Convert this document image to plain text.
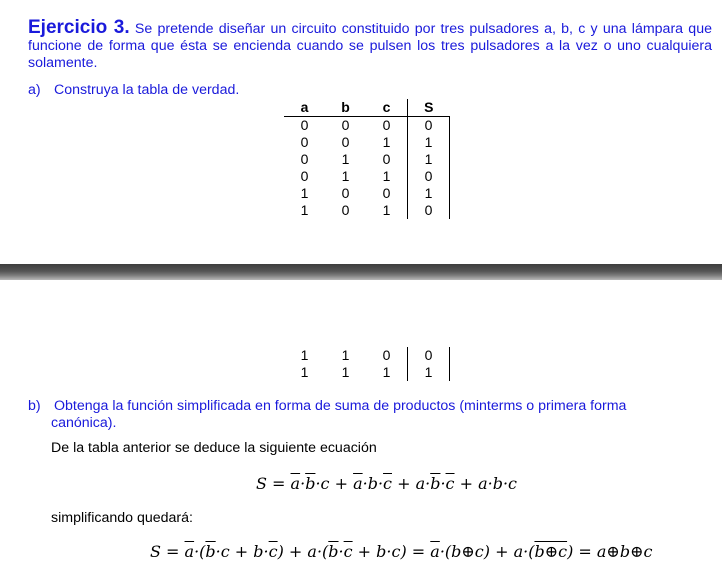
Ejercicio 3. Se pretende diseñar un circuito constituido por tres pulsadores a, b, c y una lámpara que funcione de forma que ésta se encienda cuando se pulsen los tres pulsadores a la vez o uno cualquiera solamente.
a) Construya la tabla de verdad.
a	b	c	S
0	0	0	0
0	0	1	1
0	1	0	1
0	1	1	0
1	0	0	1
1	0	1	0
1	1	0	0
1	1	1	1
b) Obtenga la función simplificada en forma de suma de productos (minterms o primera forma
canónica).
De la tabla anterior se deduce la siguiente ecuación
$S = \overline{a}\cdot\overline{b}\cdot c + \overline{a}\cdot b\cdot\overline{c} + a\cdot\overline{b}\cdot\overline{c} + a\cdot b\cdot c$
simplificando quedará:
$S = \overline{a}\cdot(\overline{b}\cdot c + b\cdot\overline{c}) + a\cdot(\overline{b}\cdot\overline{c} + b\cdot c)$ = $\overline{a}\cdot(b\oplus c)$ + a·(b⊕c) = a⊕b⊕c
